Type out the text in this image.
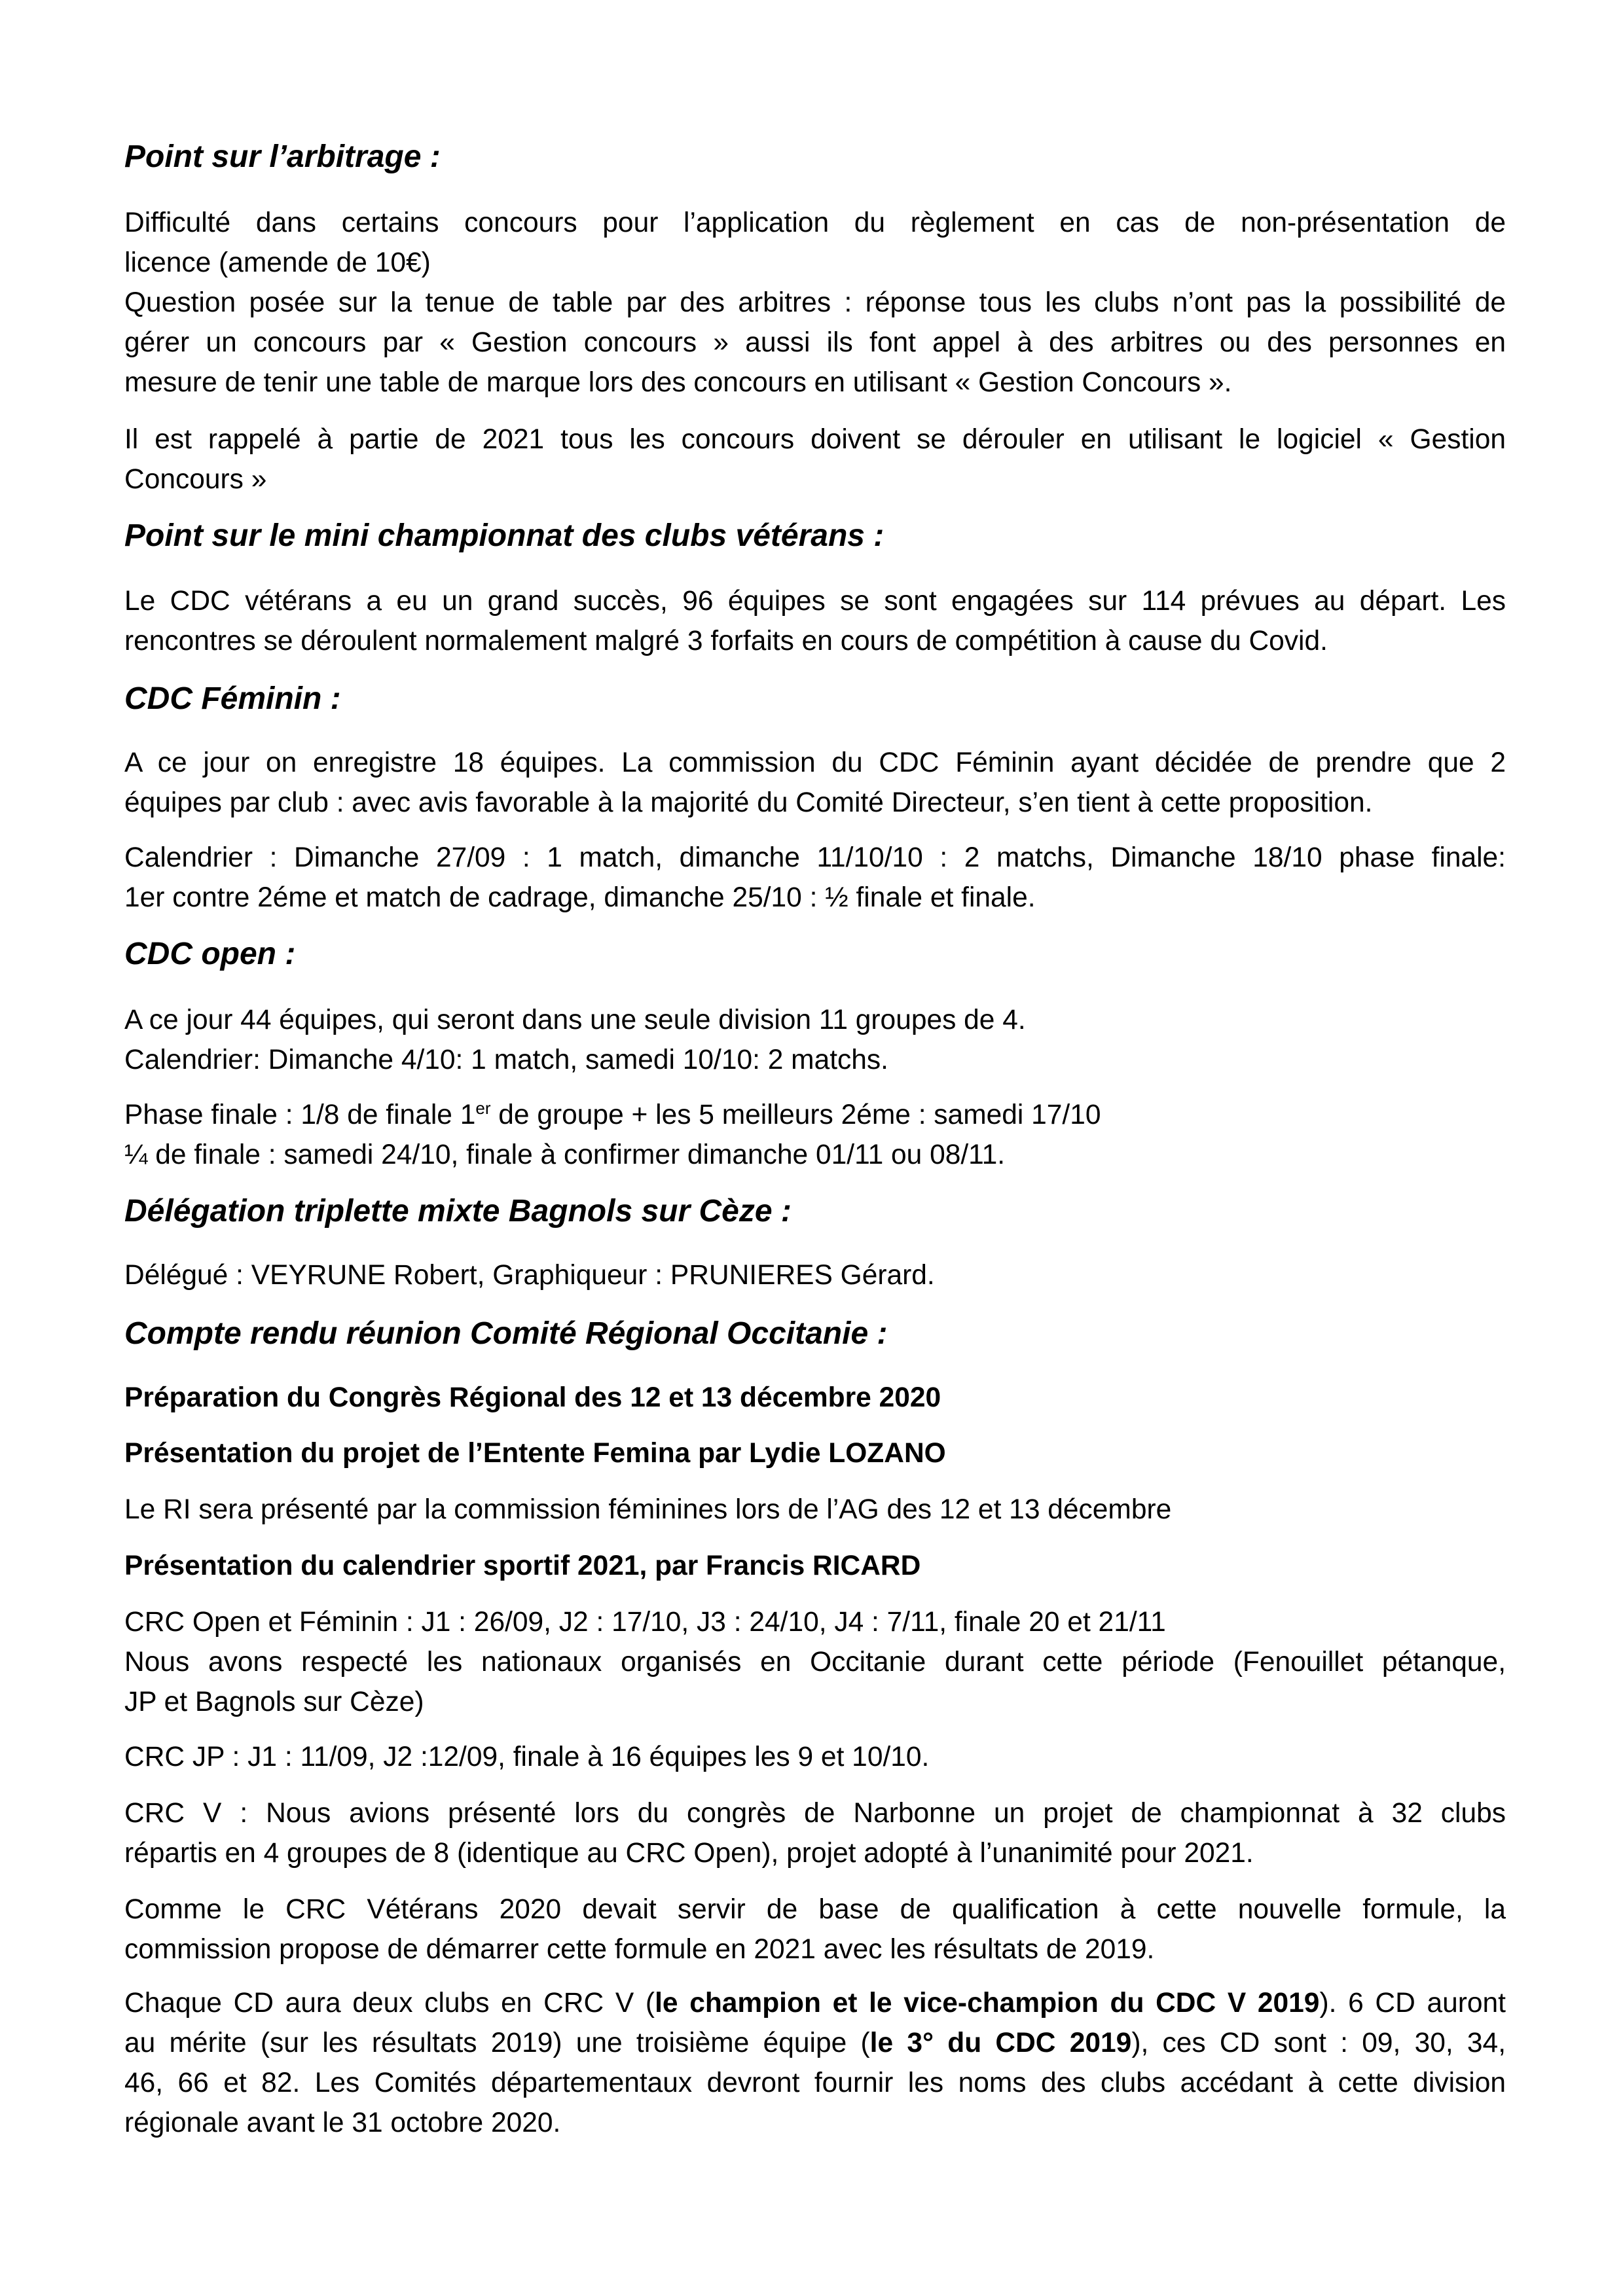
Point sur l’arbitrage :

Difficulté dans certains concours pour l’application du règlement en cas de non-présentation de
licence (amende de 10€)
Question posée sur la tenue de table par des arbitres : réponse tous les clubs n’ont pas la possibilité de
gérer un concours par « Gestion concours » aussi ils font appel à des arbitres ou des personnes en
mesure de tenir une table de marque lors des concours en utilisant « Gestion Concours ».

Il est rappelé à partie de 2021 tous les concours doivent se dérouler en utilisant le logiciel « Gestion
Concours »

Point sur le mini championnat des clubs vétérans :

Le CDC vétérans a eu un grand succès, 96 équipes se sont engagées sur 114 prévues au départ. Les
rencontres se déroulent normalement malgré 3 forfaits en cours de compétition à cause du Covid.

CDC Féminin :

A ce jour on enregistre 18 équipes. La commission du CDC Féminin ayant décidée de prendre que 2
équipes par club : avec avis favorable à la majorité du Comité Directeur, s’en tient à cette proposition.

Calendrier : Dimanche 27/09 : 1 match, dimanche 11/10/10 : 2 matchs, Dimanche 18/10 phase finale:
1er contre 2éme et match de cadrage, dimanche 25/10 : ½ finale et finale.

CDC open :

A ce jour 44 équipes, qui seront dans une seule division 11 groupes de 4.
Calendrier: Dimanche 4/10: 1 match, samedi 10/10: 2 matchs.

Phase finale : 1/8 de finale 1er de groupe + les 5 meilleurs 2éme : samedi 17/10
¼ de finale : samedi 24/10, finale à confirmer dimanche 01/11 ou 08/11.

Délégation triplette mixte Bagnols sur Cèze :

Délégué : VEYRUNE Robert, Graphiqueur : PRUNIERES Gérard.

Compte rendu réunion Comité Régional Occitanie :

Préparation du Congrès Régional des 12 et 13 décembre 2020

Présentation du projet de l’Entente Femina par Lydie LOZANO

Le RI sera présenté par la commission féminines lors de l’AG des 12 et 13 décembre

Présentation du calendrier sportif 2021, par Francis RICARD

CRC Open et Féminin : J1 : 26/09, J2 : 17/10, J3 : 24/10, J4 : 7/11, finale 20 et 21/11
Nous avons respecté les nationaux organisés en Occitanie durant cette période (Fenouillet pétanque,
JP et Bagnols sur Cèze)

CRC JP : J1 : 11/09, J2 :12/09, finale à 16 équipes les 9 et 10/10.

CRC V : Nous avions présenté lors du congrès de Narbonne un projet de championnat à 32 clubs
répartis en 4 groupes de 8 (identique au CRC Open), projet adopté à l’unanimité pour 2021.

Comme le CRC Vétérans 2020 devait servir de base de qualification à cette nouvelle formule, la
commission propose de démarrer cette formule en 2021 avec les résultats de 2019.

Chaque CD aura deux clubs en CRC V (le champion et le vice-champion du CDC V 2019). 6 CD auront
au mérite (sur les résultats 2019) une troisième équipe (le 3° du CDC 2019), ces CD sont : 09, 30, 34,
46, 66 et 82. Les Comités départementaux devront fournir les noms des clubs accédant à cette division
régionale avant le 31 octobre 2020.
